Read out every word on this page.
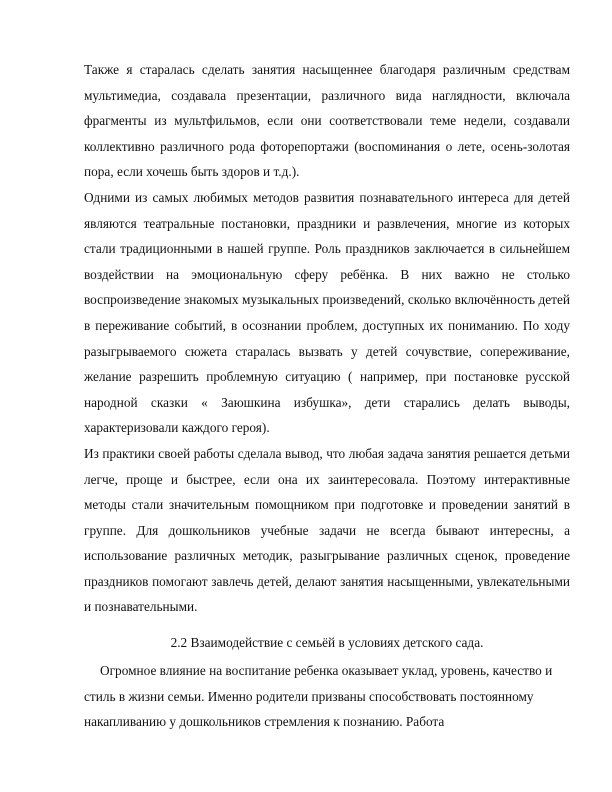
Также я старалась сделать занятия насыщеннее благодаря различным средствам мультимедиа, создавала презентации, различного вида наглядности, включала фрагменты из мультфильмов, если они соответствовали теме недели, создавали коллективно различного рода фоторепортажи (воспоминания о лете, осень-золотая пора, если хочешь быть здоров и т.д.).

Одними из самых любимых методов развития познавательного интереса для детей являются театральные постановки, праздники и развлечения, многие из которых стали традиционными в нашей группе. Роль праздников заключается в сильнейшем воздействии на эмоциональную сферу ребёнка. В них важно не столько воспроизведение знакомых музыкальных произведений, сколько включённость детей в переживание событий, в осознании проблем, доступных их пониманию. По ходу разыгрываемого сюжета старалась вызвать у детей сочувствие, сопереживание, желание разрешить проблемную ситуацию ( например, при постановке русской народной сказки « Заюшкина избушка», дети старались делать выводы, характеризовали каждого героя).

Из практики своей работы сделала вывод, что любая задача занятия решается детьми легче, проще и быстрее, если она их заинтересовала. Поэтому интерактивные методы стали значительным помощником при подготовке и проведении занятий в группе. Для дошкольников учебные задачи не всегда бывают интересны, а использование различных методик, разыгрывание различных сценок, проведение праздников помогают завлечь детей, делают занятия насыщенными, увлекательными и познавательными.

2.2 Взаимодействие с семьёй в условиях детского сада.

Огромное влияние на воспитание ребенка оказывает уклад, уровень, качество и стиль в жизни семьи. Именно родители призваны способствовать постоянному накапливанию у дошкольников стремления к познанию. Работа
